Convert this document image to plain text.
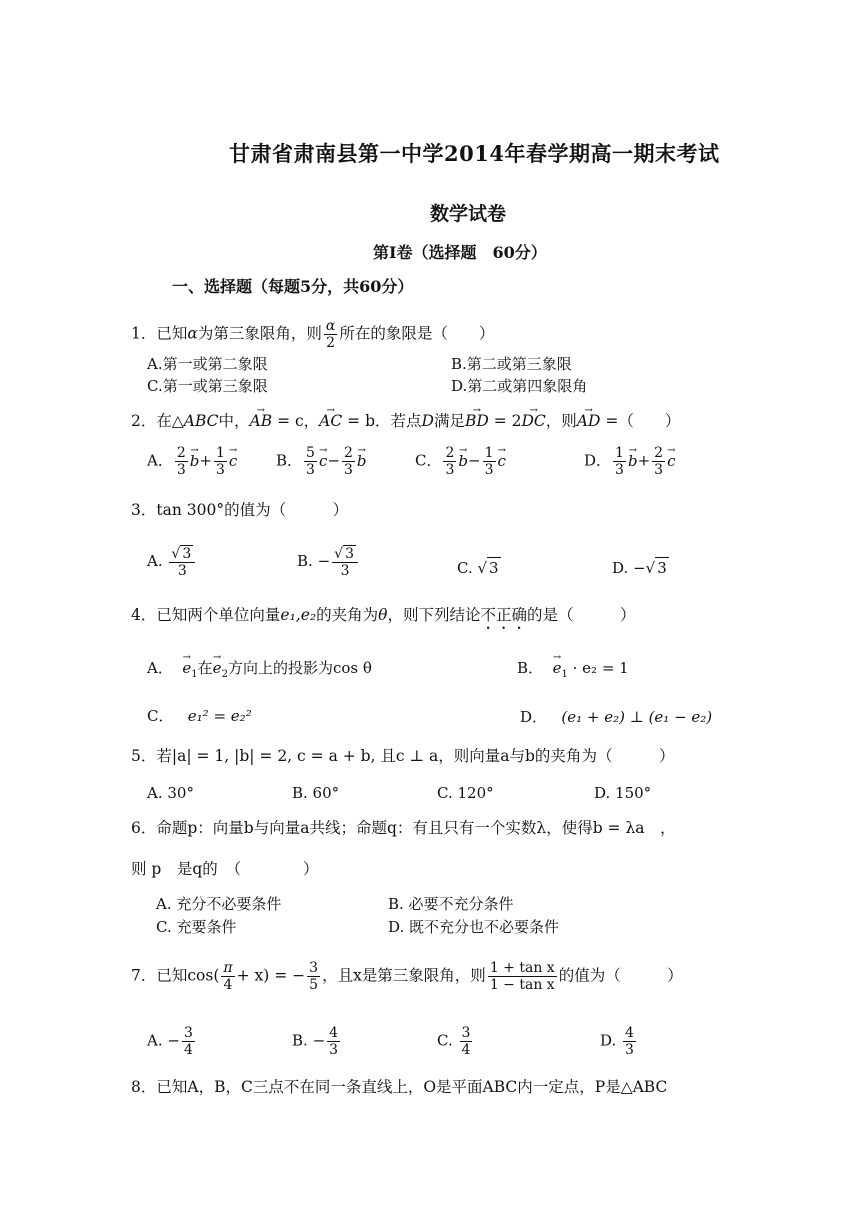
甘肃省肃南县第一中学2014年春学期高一期末考试
数学试卷
第Ⅰ卷（选择题　60分）
一、选择题（每题5分，共60分）
1．已知α为第三象限角，则 $\frac{\alpha}{2}$ 所在的象限是（　　）
A.第一或第二象限	B.第二或第三象限
C.第一或第三象限	D.第二或第四象限角
2．在△ABC中，→ AB = c，→ AC = b．若点D满足→ BD = 2→ DC，则→ AD =（　　）
A． $\frac{2}{3}$
→ $b+ \frac{1}{3}$
→ c	B． $\frac{5}{3}$
→ $c- \frac{2}{3}$
→ b	C． $\frac{2}{3}$
→ $b- \frac{1}{3}$
→ c	D． $\frac{1}{3}$
→ $b+ \frac{2}{3}$
→ c
3．tan 300°的值为（　　　）
A. $\frac{√ 3}{3}$	B. − $\frac{√ 3}{3}$	C. √ 3	D. −√ 3
4．已知两个单位向量e₁,e₂的夹角为θ，则下列结论不正确的是（　　　）
A．  → $e_1$在→ $e_2$方向上的投影为cos θ	B．  → $e_1 \cdot e_2 = 1$
C． e₁² = e₂²	D． (e₁ + e₂) ⊥ (e₁ − e₂)
5．若|a| = 1, |b| = 2, c = a + b, 且c ⊥ a，则向量a与b的夹角为（　　　）
A. 30°	B. 60°	C. 120°	D. 150°
6．命题p：向量b与向量a共线；命题q：有且只有一个实数λ，使得b = λa　，
则 p　是q的　（　　　　）
A. 充分不必要条件	B. 必要不充分条件
C. 充要条件	D. 既不充分也不必要条件
7．已知$\cos( \frac{\pi}{4} + x)$ = − $\frac{3}{5}$ ，且x是第三象限角，则 $\frac{\text{1 + tan x}}{\text{1 − tan x}}$ 的值为（　　　）
A. − $\frac{3}{4}$	B. − $\frac{4}{3}$	C. $\frac{3}{4}$	D. $\frac{4}{3}$
8．已知A，B，C三点不在同一条直线上，O是平面ABC内一定点，P是△ABC
